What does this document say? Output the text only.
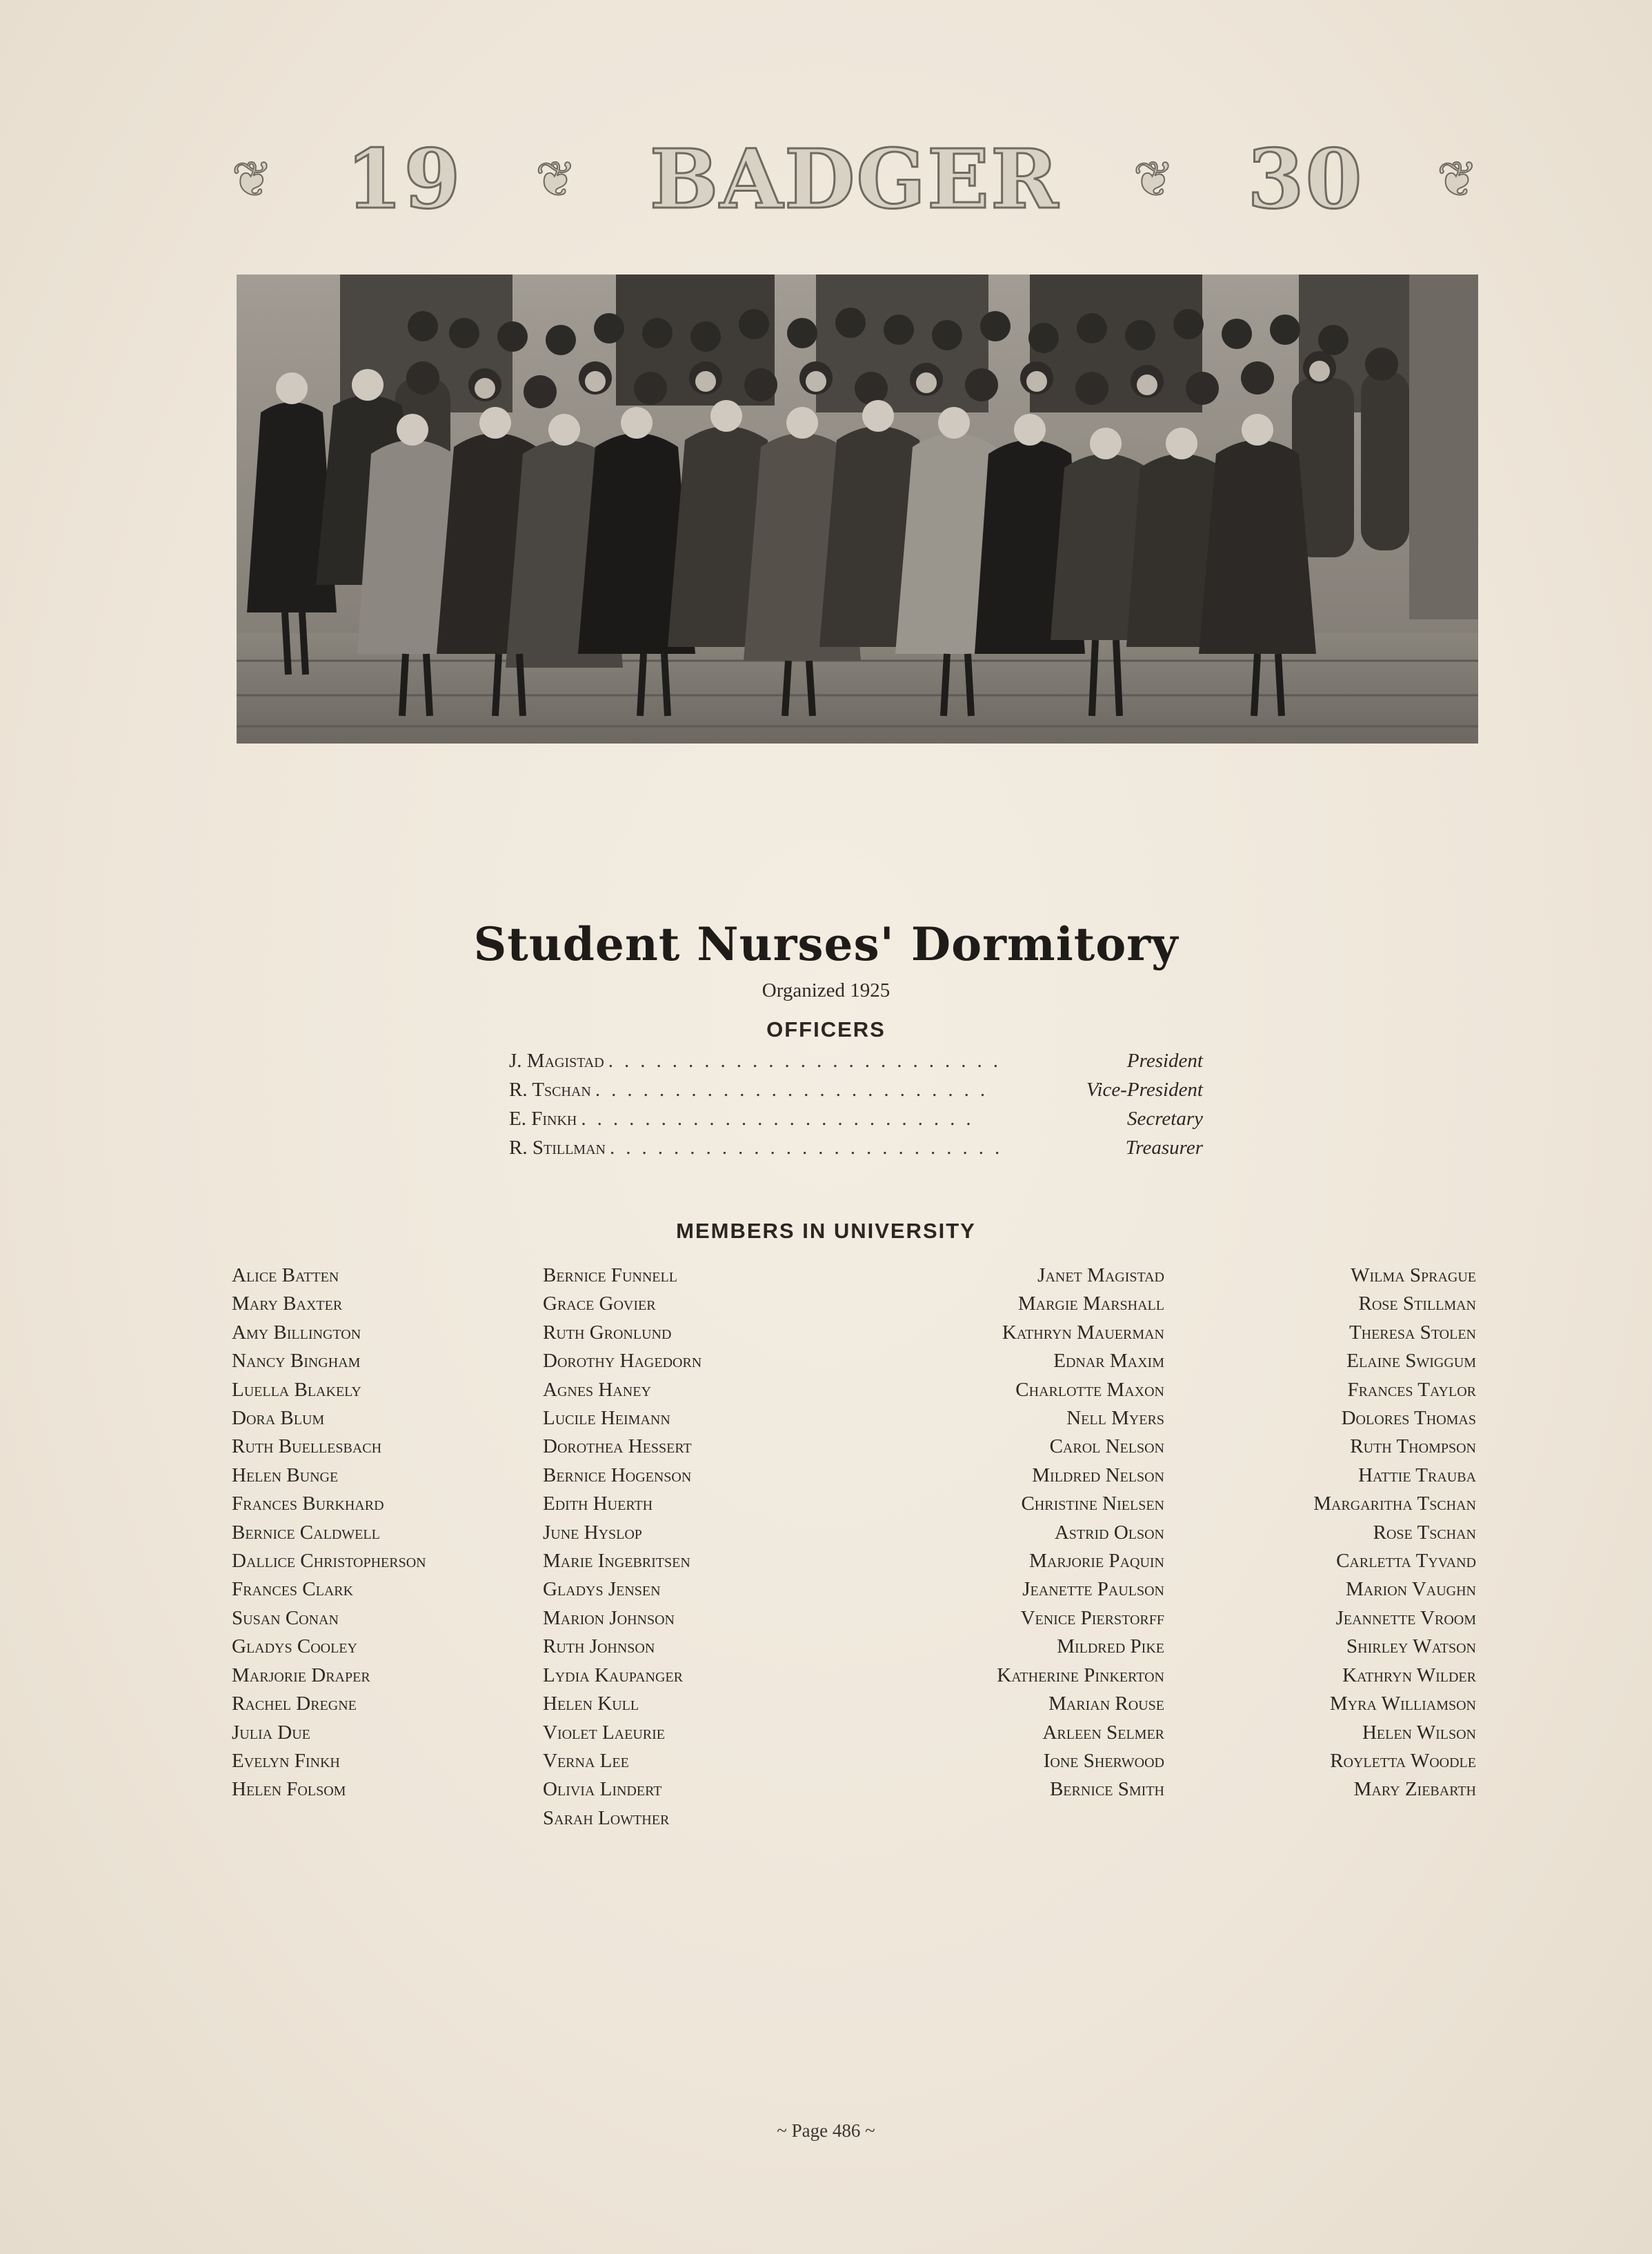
❦ 19 ❦ BADGER ❦ 30 ❦
Student Nurses' Dormitory
Organized 1925
OFFICERS
J. Magistad .........................	President
R. Tschan .........................	Vice-President
E. Finkh .........................	Secretary
R. Stillman .........................	Treasurer
MEMBERS IN UNIVERSITY
Alice Batten
Mary Baxter
Amy Billington
Nancy Bingham
Luella Blakely
Dora Blum
Ruth Buellesbach
Helen Bunge
Frances Burkhard
Bernice Caldwell
Dallice Christopherson
Frances Clark
Susan Conan
Gladys Cooley
Marjorie Draper
Rachel Dregne
Julia Due
Evelyn Finkh
Helen Folsom
Bernice Funnell
Grace Govier
Ruth Gronlund
Dorothy Hagedorn
Agnes Haney
Lucile Heimann
Dorothea Hessert
Bernice Hogenson
Edith Huerth
June Hyslop
Marie Ingebritsen
Gladys Jensen
Marion Johnson
Ruth Johnson
Lydia Kaupanger
Helen Kull
Violet Laeurie
Verna Lee
Olivia Lindert
Sarah Lowther
Janet Magistad
Margie Marshall
Kathryn Mauerman
Ednar Maxim
Charlotte Maxon
Nell Myers
Carol Nelson
Mildred Nelson
Christine Nielsen
Astrid Olson
Marjorie Paquin
Jeanette Paulson
Venice Pierstorff
Mildred Pike
Katherine Pinkerton
Marian Rouse
Arleen Selmer
Ione Sherwood
Bernice Smith
Wilma Sprague
Rose Stillman
Theresa Stolen
Elaine Swiggum
Frances Taylor
Dolores Thomas
Ruth Thompson
Hattie Trauba
Margaritha Tschan
Rose Tschan
Carletta Tyvand
Marion Vaughn
Jeannette Vroom
Shirley Watson
Kathryn Wilder
Myra Williamson
Helen Wilson
Royletta Woodle
Mary Ziebarth
~ Page 486 ~
